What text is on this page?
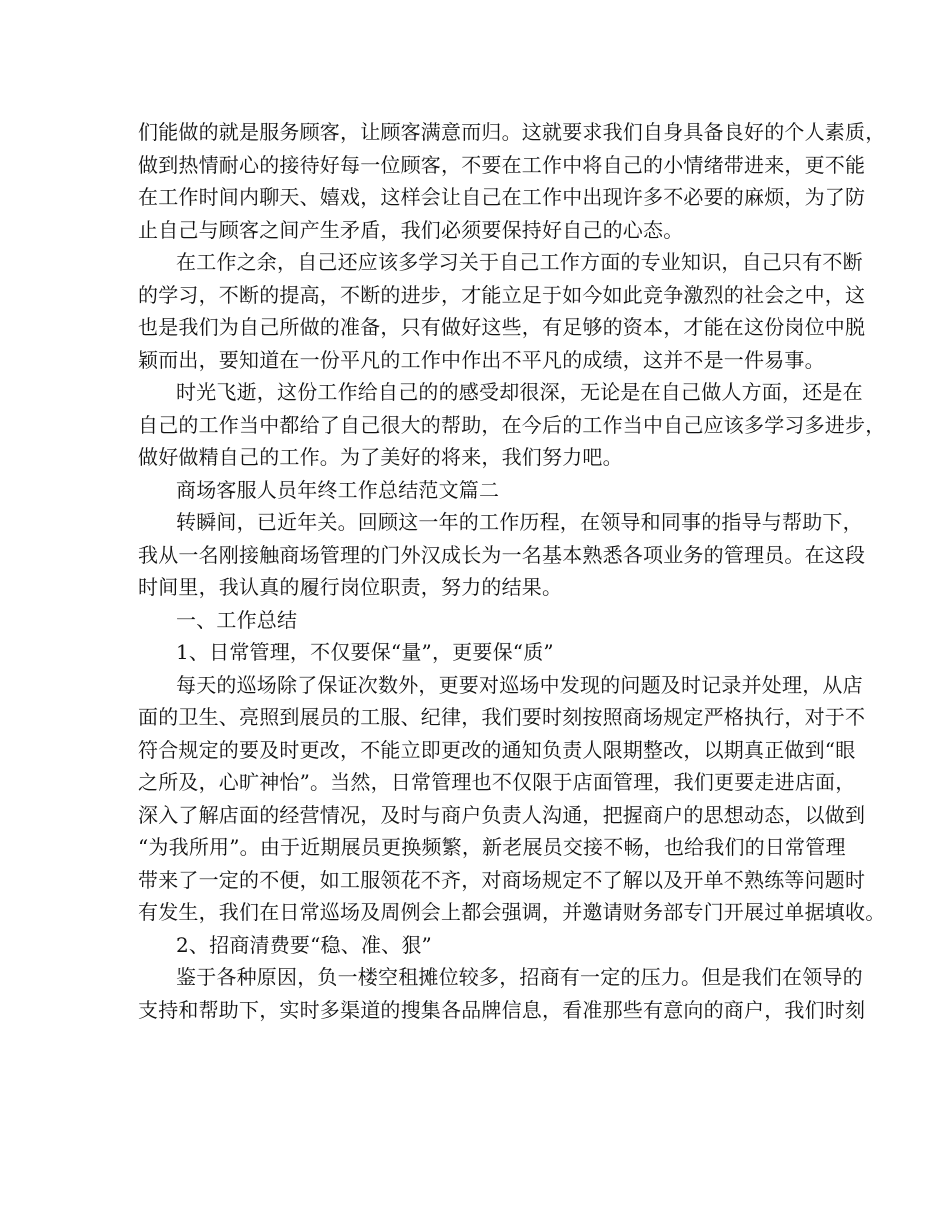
们能做的就是服务顾客，让顾客满意而归。这就要求我们自身具备良好的个人素质，
做到热情耐心的接待好每一位顾客，不要在工作中将自己的小情绪带进来，更不能
在工作时间内聊天、嬉戏，这样会让自己在工作中出现许多不必要的麻烦，为了防
止自己与顾客之间产生矛盾，我们必须要保持好自己的心态。
在工作之余，自己还应该多学习关于自己工作方面的专业知识，自己只有不断
的学习，不断的提高，不断的进步，才能立足于如今如此竞争激烈的社会之中，这
也是我们为自己所做的准备，只有做好这些，有足够的资本，才能在这份岗位中脱
颖而出，要知道在一份平凡的工作中作出不平凡的成绩，这并不是一件易事。
时光飞逝，这份工作给自己的的感受却很深，无论是在自己做人方面，还是在
自己的工作当中都给了自己很大的帮助，在今后的工作当中自己应该多学习多进步，
做好做精自己的工作。为了美好的将来，我们努力吧。
商场客服人员年终工作总结范文篇二
转瞬间，已近年关。回顾这一年的工作历程，在领导和同事的指导与帮助下，
我从一名刚接触商场管理的门外汉成长为一名基本熟悉各项业务的管理员。在这段
时间里，我认真的履行岗位职责，努力的结果。
一、工作总结
1、日常管理，不仅要保“量”，更要保“质”
每天的巡场除了保证次数外，更要对巡场中发现的问题及时记录并处理，从店
面的卫生、亮照到展员的工服、纪律，我们要时刻按照商场规定严格执行，对于不
符合规定的要及时更改，不能立即更改的通知负责人限期整改，以期真正做到“眼
之所及，心旷神怡”。当然，日常管理也不仅限于店面管理，我们更要走进店面，
深入了解店面的经营情况，及时与商户负责人沟通，把握商户的思想动态，以做到
“为我所用”。由于近期展员更换频繁，新老展员交接不畅，也给我们的日常管理
带来了一定的不便，如工服领花不齐，对商场规定不了解以及开单不熟练等问题时
有发生，我们在日常巡场及周例会上都会强调，并邀请财务部专门开展过单据填收。
2、招商清费要“稳、准、狠”
鉴于各种原因，负一楼空租摊位较多，招商有一定的压力。但是我们在领导的
支持和帮助下，实时多渠道的搜集各品牌信息，看准那些有意向的商户，我们时刻
